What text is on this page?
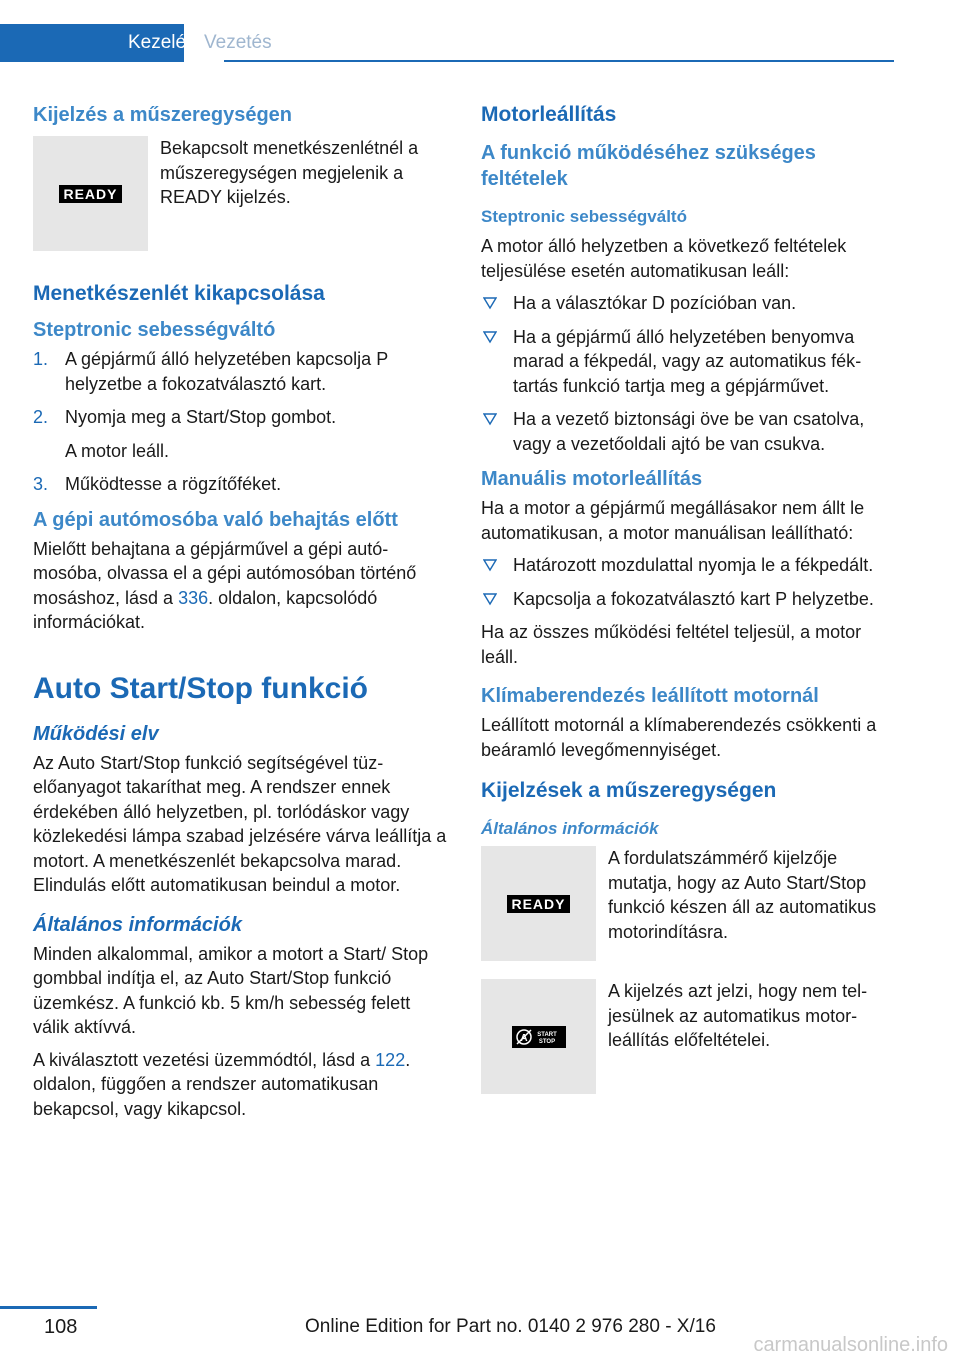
Kezelés Vezetés
Kijelzés a műszeregységen
READY
Bekapcsolt menetkészenlétnél a műszeregységen megjelenik a READY kijelzés.
Menetkészenlét kikapcsolása
Steptronic sebességváltó
1. A gépjármű álló helyzetében kapcsolja P helyzetbe a fokozatválasztó kart.
2. Nyomja meg a Start/Stop gombot.
A motor leáll.
3. Működtesse a rögzítőféket.
A gépi autómosóba való behajtás előtt
Mielőtt behajtana a gépjárművel a gépi autómosóba, olvassa el a gépi autómosóban történő mosáshoz, lásd a 336. oldalon, kapcsolódó információkat.
Auto Start/Stop funkció
Működési elv
Az Auto Start/Stop funkció segítségével tüzelőanyagot takaríthat meg. A rendszer ennek érdekében álló helyzetben, pl. torlódáskor vagy közlekedési lámpa szabad jelzésére várva leállítja a motort. A menetkészenlét bekapcsolva marad. Elindulás előtt automatikusan beindul a motor.
Általános információk
Minden alkalommal, amikor a motort a Start/ Stop gombbal indítja el, az Auto Start/Stop funkció üzemkész. A funkció kb. 5 km/h sebesség felett válik aktívvá.
A kiválasztott vezetési üzemmódtól, lásd a 122. oldalon, függően a rendszer automatikusan bekapcsol, vagy kikapcsol.
Motorleállítás
A funkció működéséhez szükséges feltételek
Steptronic sebességváltó
A motor álló helyzetben a következő feltételek teljesülése esetén automatikusan leáll:
Ha a választókar D pozícióban van.
Ha a gépjármű álló helyzetében benyomva marad a fékpedál, vagy az automatikus féktartás funkció tartja meg a gépjárművet.
Ha a vezető biztonsági öve be van csatolva, vagy a vezetőoldali ajtó be van csukva.
Manuális motorleállítás
Ha a motor a gépjármű megállásakor nem állt le automatikusan, a motor manuálisan leállítható:
Határozott mozdulattal nyomja le a fékpedált.
Kapcsolja a fokozatválasztó kart P helyzetbe.
Ha az összes működési feltétel teljesül, a motor leáll.
Klímaberendezés leállított motornál
Leállított motornál a klímaberendezés csökkenti a beáramló levegőmennyiséget.
Kijelzések a műszeregységen
Általános információk
READY
A fordulatszámmérő kijelzője mutatja, hogy az Auto Start/Stop funkció készen áll az automatikus motorindításra.
A START
STOP
A kijelzés azt jelzi, hogy nem teljesülnek az automatikus motorleállítás előfeltételei.
108	Online Edition for Part no. 0140 2 976 280 - X/16
carmanualsonline.info
